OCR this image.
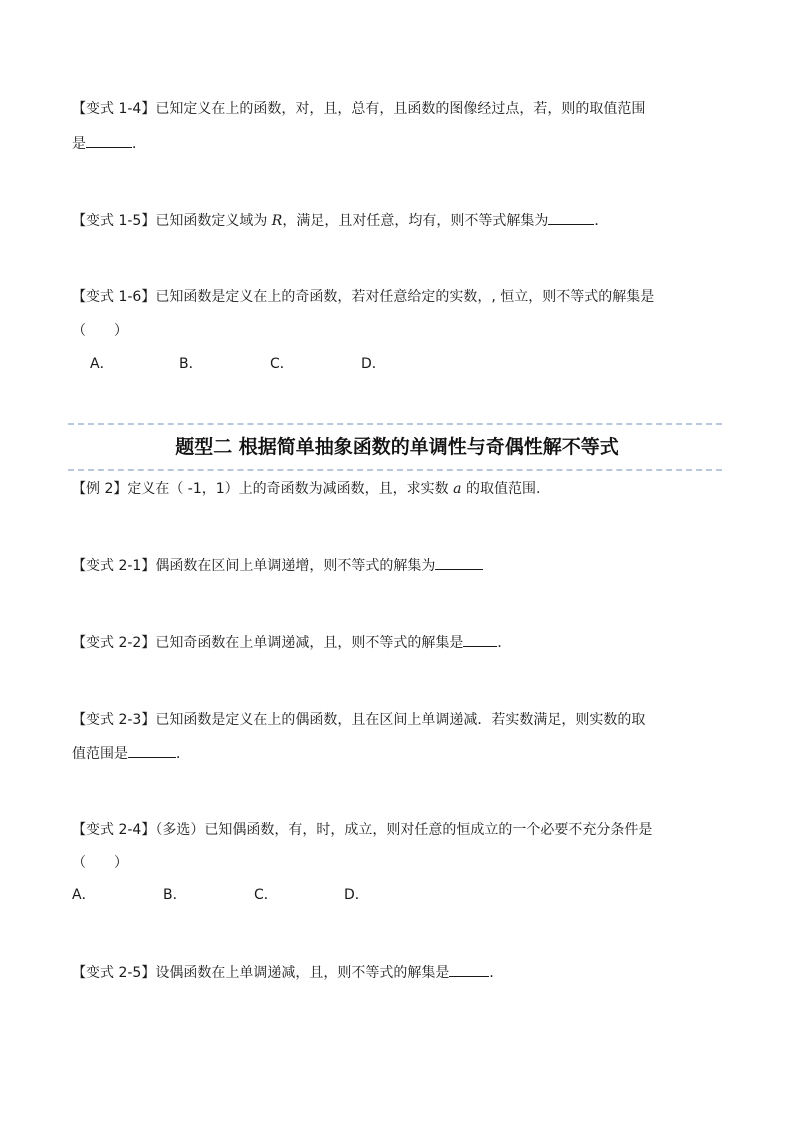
【变式 1-4】已知定义在上的函数，对，且，总有，且函数的图像经过点，若，则的取值范围
是	．
【变式 1-5】已知函数定义域为 R，满足，且对任意，均有，则不等式解集为	．
【变式 1-6】已知函数是定义在上的奇函数，若对任意给定的实数，, 恒立，则不等式的解集是
（　　）
A．	B．	C．	D．
题型二 根据简单抽象函数的单调性与奇偶性解不等式
【例 2】定义在（ -1，1）上的奇函数为减函数，且，求实数 a 的取值范围.
【变式 2-1】偶函数在区间上单调递增，则不等式的解集为
【变式 2-2】已知奇函数在上单调递减，且，则不等式的解集是 ．
【变式 2-3】已知函数是定义在上的偶函数，且在区间上单调递减．若实数满足，则实数的取
值范围是	．
【变式 2-4】（多选）已知偶函数，有，时，成立，则对任意的恒成立的一个必要不充分条件是
（　　）
A．	B．	C．	D．
【变式 2-5】设偶函数在上单调递减，且，则不等式的解集是	．
